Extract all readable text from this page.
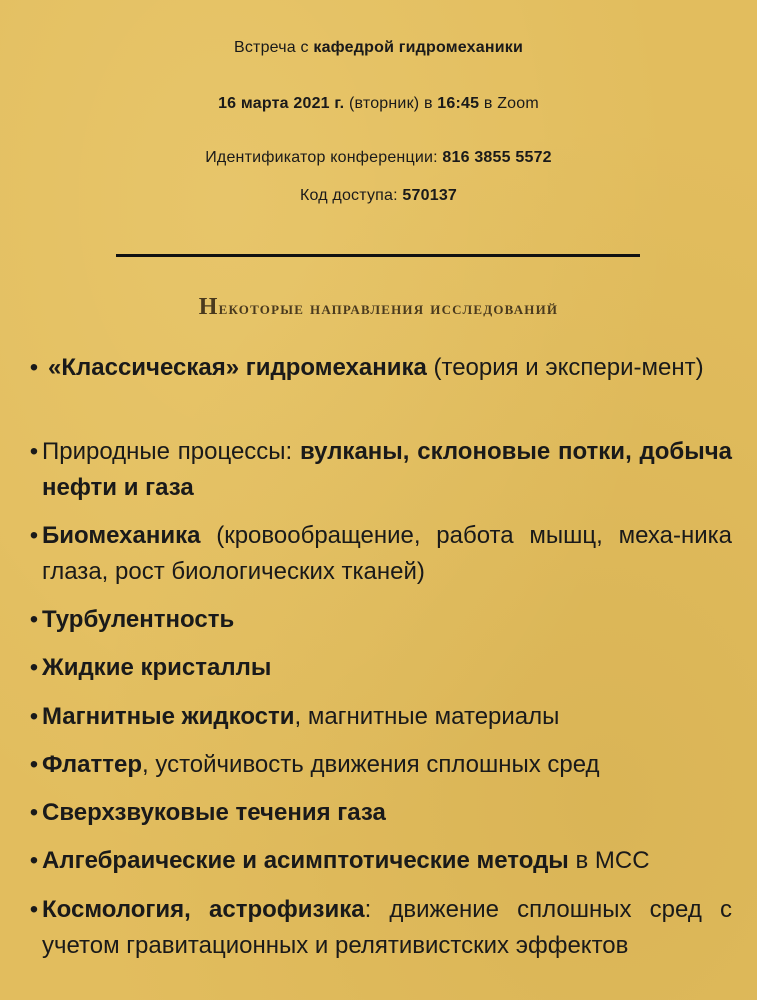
Встреча с кафедрой гидромеханики
16 марта 2021 г. (вторник) в 16:45 в Zoom
Идентификатор конференции: 816 3855 5572
Код доступа: 570137
Некоторые направления исследований
• «Классическая» гидромеханика (теория и экспери-мент)
• Природные процессы: вулканы, склоновые потки, добыча нефти и газа
• Биомеханика (кровообращение, работа мышц, меха-ника глаза, рост биологических тканей)
• Турбулентность
• Жидкие кристаллы
• Магнитные жидкости, магнитные материалы
• Флаттер, устойчивость движения сплошных сред
• Сверхзвуковые течения газа
• Алгебраические и асимптотические методы в МСС
• Космология, астрофизика: движение сплошных сред с учетом гравитационных и релятивистских эффектов
